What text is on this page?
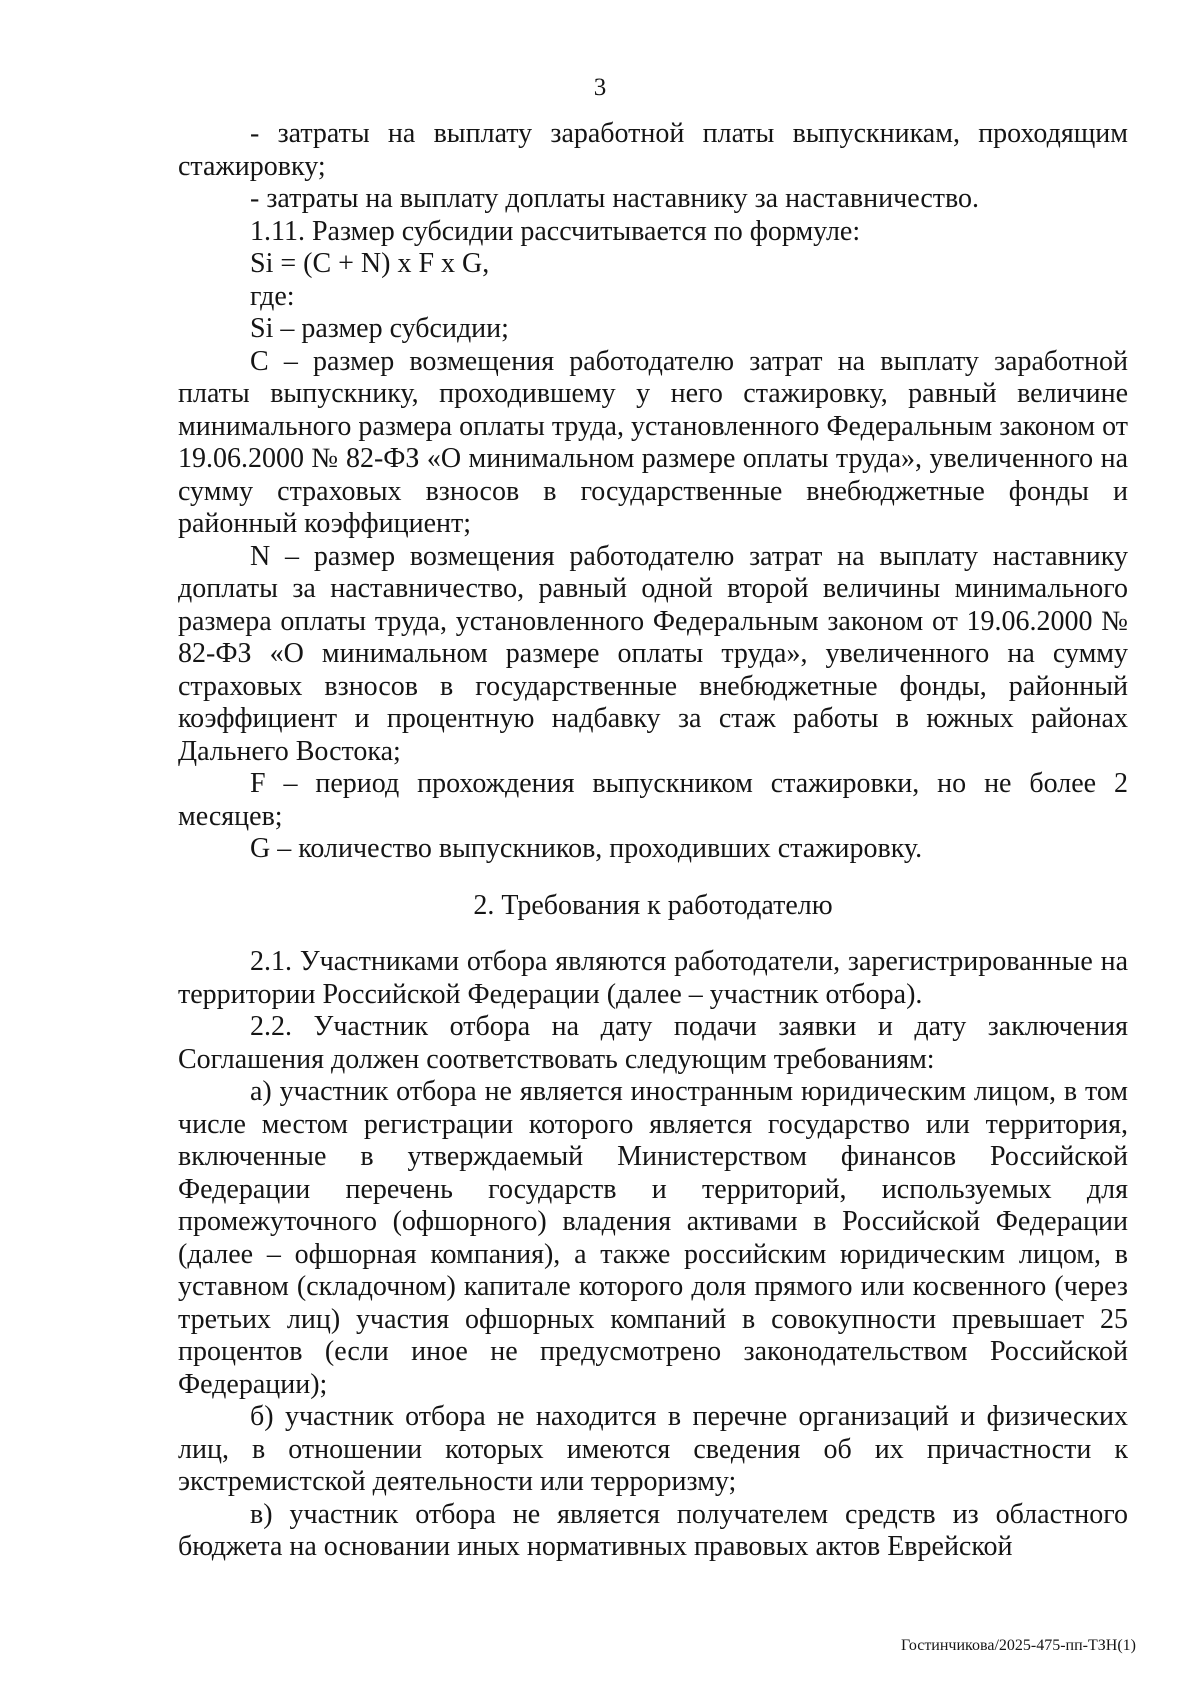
3

- затраты на выплату заработной платы выпускникам, проходящим стажировку;

- затраты на выплату доплаты наставнику за наставничество.

1.11. Размер субсидии рассчитывается по формуле:

Si = (C + N) x F x G,

где:

Si – размер субсидии;

С – размер возмещения работодателю затрат на выплату заработной платы выпускнику, проходившему у него стажировку, равный величине минимального размера оплаты труда, установленного Федеральным законом от 19.06.2000 № 82-ФЗ «О минимальном размере оплаты труда», увеличенного на сумму страховых взносов в государственные внебюджетные фонды и районный коэффициент;

N – размер возмещения работодателю затрат на выплату наставнику доплаты за наставничество, равный одной второй величины минимального размера оплаты труда, установленного Федеральным законом от 19.06.2000 № 82-ФЗ «О минимальном размере оплаты труда», увеличенного на сумму страховых взносов в государственные внебюджетные фонды, районный коэффициент и процентную надбавку за стаж работы в южных районах Дальнего Востока;

F – период прохождения выпускником стажировки, но не более 2 месяцев;

G – количество выпускников, проходивших стажировку.

2. Требования к работодателю

2.1. Участниками отбора являются работодатели, зарегистрированные на территории Российской Федерации (далее – участник отбора).

2.2. Участник отбора на дату подачи заявки и дату заключения Соглашения должен соответствовать следующим требованиям:

а) участник отбора не является иностранным юридическим лицом, в том числе местом регистрации которого является государство или территория, включенные в утверждаемый Министерством финансов Российской Федерации перечень государств и территорий, используемых для промежуточного (офшорного) владения активами в Российской Федерации (далее – офшорная компания), а также российским юридическим лицом, в уставном (складочном) капитале которого доля прямого или косвенного (через третьих лиц) участия офшорных компаний в совокупности превышает 25 процентов (если иное не предусмотрено законодательством Российской Федерации);

б) участник отбора не находится в перечне организаций и физических лиц, в отношении которых имеются сведения об их причастности к экстремистской деятельности или терроризму;

в) участник отбора не является получателем средств из областного бюджета на основании иных нормативных правовых актов Еврейской

Гостинчикова/2025-475-пп-ТЗН(1)
